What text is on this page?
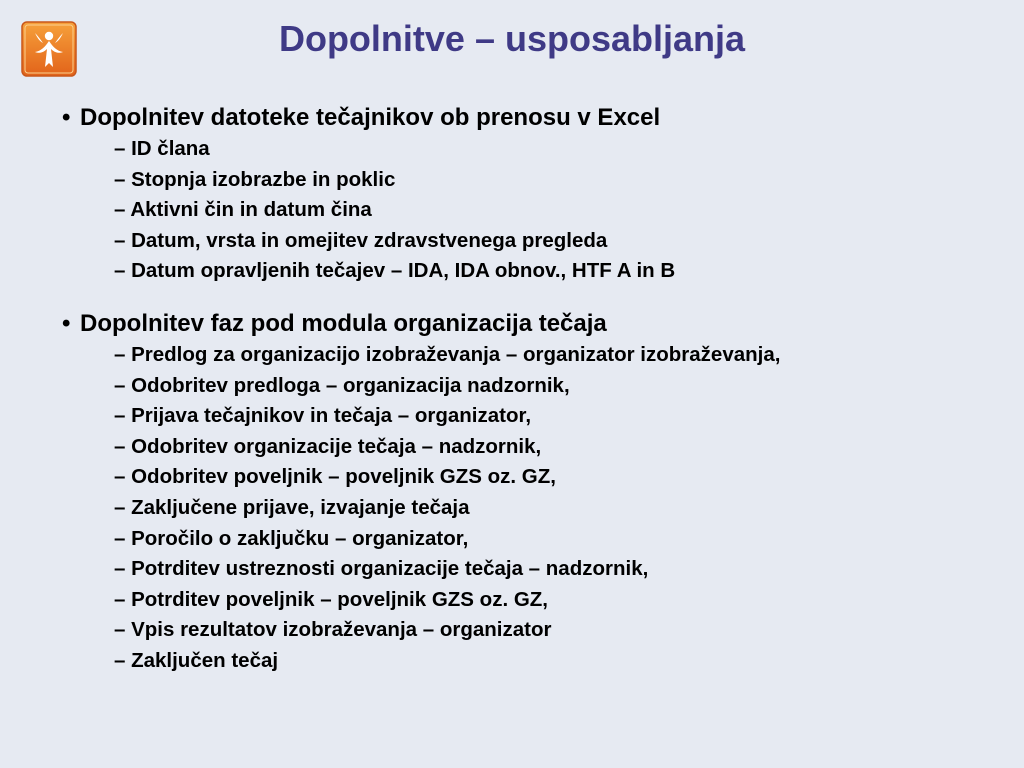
Dopolnitve – usposabljanja
• Dopolnitev datoteke tečajnikov ob prenosu v Excel
– ID člana
– Stopnja izobrazbe in poklic
– Aktivni čin in datum čina
– Datum, vrsta in omejitev zdravstvenega pregleda
– Datum opravljenih tečajev – IDA, IDA obnov., HTF A in B
• Dopolnitev faz pod modula organizacija tečaja
– Predlog za organizacijo izobraževanja – organizator izobraževanja,
– Odobritev predloga – organizacija nadzornik,
– Prijava tečajnikov in tečaja – organizator,
– Odobritev organizacije tečaja – nadzornik,
– Odobritev poveljnik – poveljnik GZS oz. GZ,
– Zaključene prijave, izvajanje tečaja
– Poročilo o zaključku – organizator,
– Potrditev ustreznosti organizacije tečaja – nadzornik,
– Potrditev poveljnik – poveljnik GZS oz. GZ,
– Vpis rezultatov izobraževanja – organizator
– Zaključen tečaj
